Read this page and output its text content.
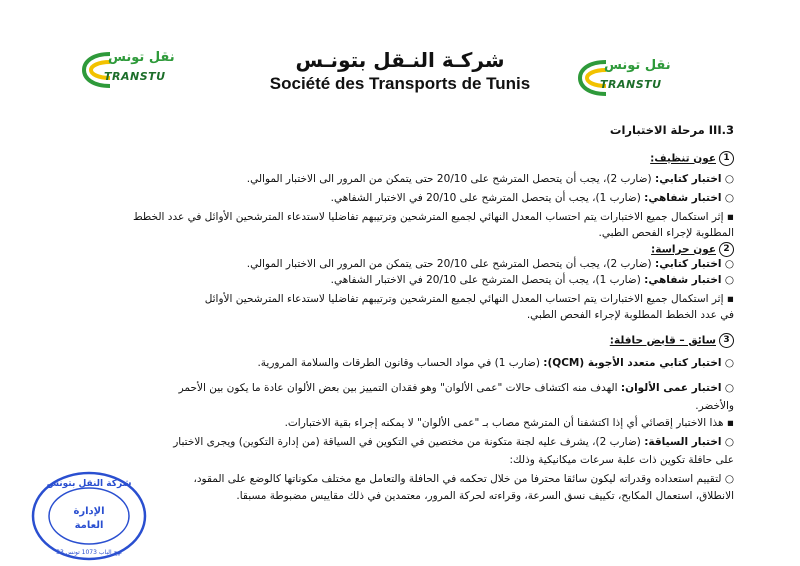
نقل تونس
TRANSTU
شركـة النـقل بتونـس
Société des Transports de Tunis
نقل تونس
TRANSTU
3.III مرحلة الاختبارات
1عون تنظيف:
○ اختبار كتابي: (ضارب 2)، يجب أن يتحصل المترشح على 20/10 حتى يتمكن من المرور الى الاختبار الموالي.
○ اختبار شفاهي: (ضارب 1)، يجب أن يتحصل المترشح على 20/10 في الاختبار الشفاهي.
▪ إثر استكمال جميع الاختبارات يتم احتساب المعدل النهائي لجميع المترشحين وترتيبهم تفاضليا لاستدعاء المترشحين الأوائل في عدد الخطط
المطلوبة لإجراء الفحص الطبي.
2عون حراسة:
○ اختبار كتابي: (ضارب 2)، يجب أن يتحصل المترشح على 20/10 حتى يتمكن من المرور الى الاختبار الموالي.
○ اختبار شفاهي: (ضارب 1)، يجب أن يتحصل المترشح على 20/10 في الاختبار الشفاهي.
▪ إثر استكمال جميع الاختبارات يتم احتساب المعدل النهائي لجميع المترشحين وترتيبهم تفاضليا لاستدعاء المترشحين الأوائل
في عدد الخطط المطلوبة لإجراء الفحص الطبي.
3سائق – قابض حافلة:
○ اختبار كتابي متعدد الأجوبة (QCM): (ضارب 1) في مواد الحساب وقانون الطرقات والسلامة المرورية.
○ اختبار عمى الألوان: الهدف منه اكتشاف حالات "عمى الألوان" وهو فقدان التمييز بين بعض الألوان عادة ما يكون بين الأحمر
والأخضر.
▪ هذا الاختبار إقصائي أي إذا اكتشفنا أن المترشح مصاب بـ "عمى الألوان" لا يمكنه إجراء بقية الاختبارات.
○ اختبار السياقة: (ضارب 2)، يشرف عليه لجنة متكونة من مختصين في التكوين في السياقة (من إدارة التكوين) ويجرى الاختبار
على حافلة تكوين ذات علبة سرعات ميكانيكية وذلك:
○ لتقييم استعداده وقدراته ليكون سائقا محترفا من خلال تحكمه في الحافلة والتعامل مع مختلف مكوناتها كالوضع على المقود،
الانطلاق، استعمال المكابح، تكييف نسق السرعة، وقراءته لحركة المرور، معتمدين في ذلك مقاييس مضبوطة مسبقا.
شركة النقل بتونس
الإدارة
العامة
33 نهج الباب 1073 تونس
